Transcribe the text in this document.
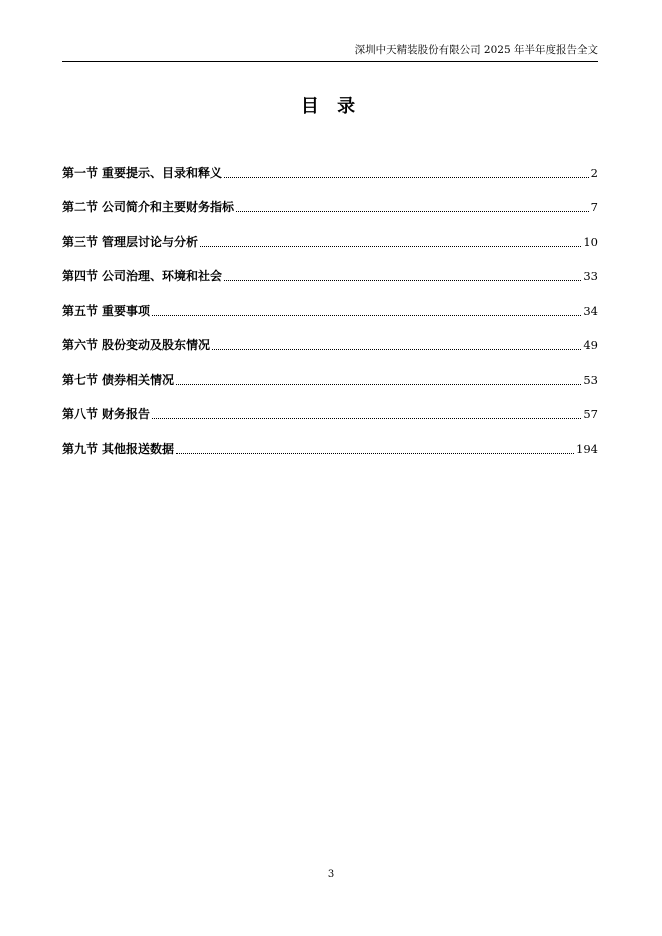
深圳中天精装股份有限公司 2025 年半年度报告全文
目 录
第一节 重要提示、目录和释义	2
第二节 公司简介和主要财务指标	7
第三节 管理层讨论与分析	10
第四节 公司治理、环境和社会	33
第五节 重要事项	34
第六节 股份变动及股东情况	49
第七节 债券相关情况	53
第八节 财务报告	57
第九节 其他报送数据	194
3
